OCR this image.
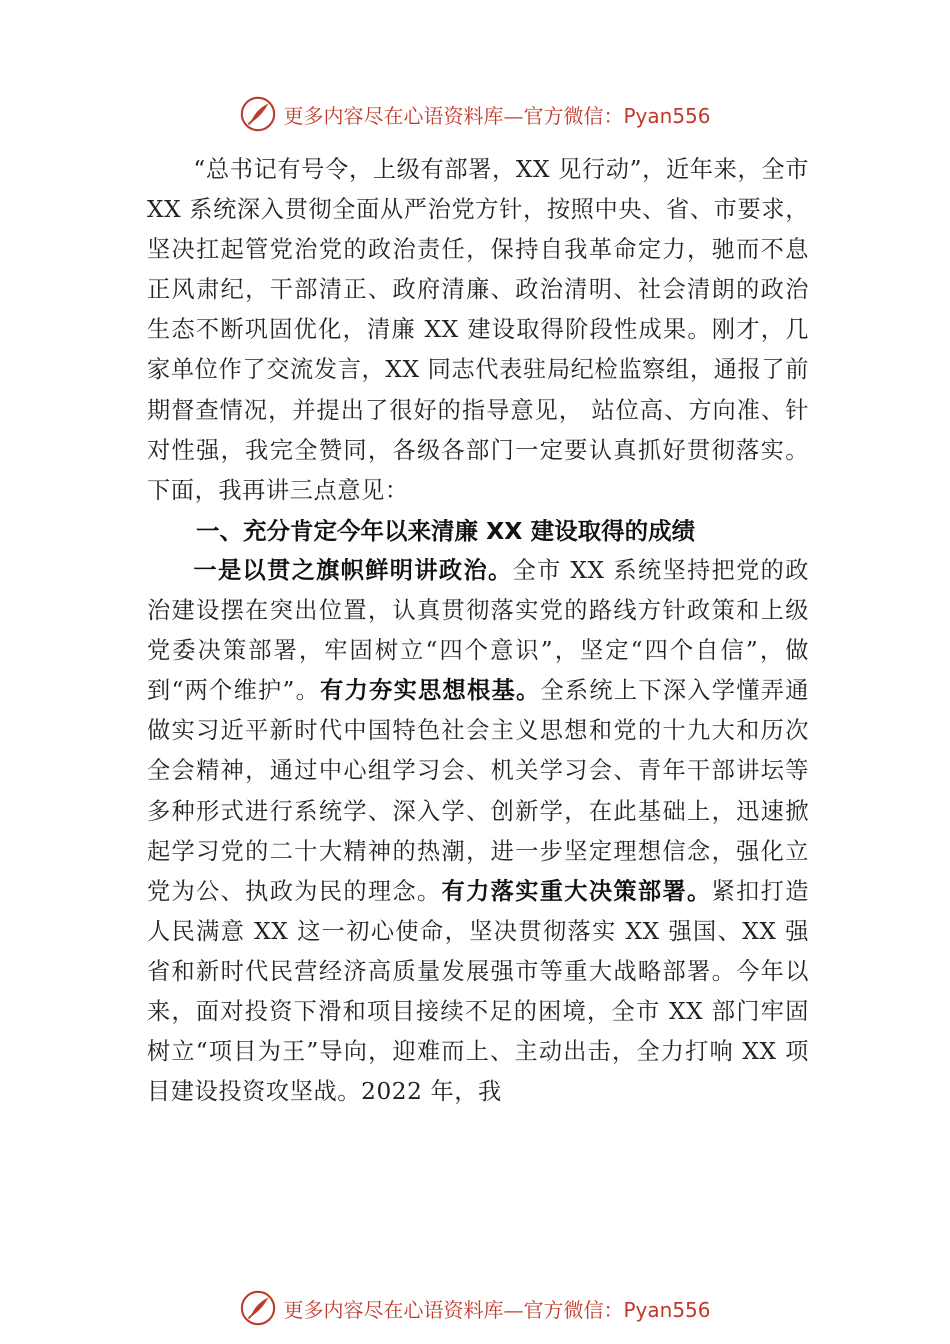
更多内容尽在心语资料库—官方微信：Pyan556

“总书记有号令，上级有部署，XX 见行动”，近年来，全市 XX 系统深入贯彻全面从严治党方针，按照中央、省、市要求，坚决扛起管党治党的政治责任，保持自我革命定力，驰而不息正风肃纪，干部清正、政府清廉、政治清明、社会清朗的政治生态不断巩固优化，清廉 XX 建设取得阶段性成果。刚才，几家单位作了交流发言，XX 同志代表驻局纪检监察组，通报了前期督查情况，并提出了很好的指导意见， 站位高、方向准、针对性强，我完全赞同，各级各部门一定要认真抓好贯彻落实。下面，我再讲三点意见：

一、充分肯定今年以来清廉 XX 建设取得的成绩

一是以贯之旗帜鲜明讲政治。全市 XX 系统坚持把党的政治建设摆在突出位置，认真贯彻落实党的路线方针政策和上级党委决策部署，牢固树立“四个意识”，坚定“四个自信”，做到“两个维护”。有力夯实思想根基。全系统上下深入学懂弄通做实习近平新时代中国特色社会主义思想和党的十九大和历次全会精神，通过中心组学习会、机关学习会、青年干部讲坛等多种形式进行系统学、深入学、创新学，在此基础上，迅速掀起学习党的二十大精神的热潮，进一步坚定理想信念，强化立党为公、执政为民的理念。有力落实重大决策部署。紧扣打造人民满意 XX 这一初心使命，坚决贯彻落实 XX 强国、XX 强省和新时代民营经济高质量发展强市等重大战略部署。今年以来，面对投资下滑和项目接续不足的困境，全市 XX 部门牢固树立“项目为王”导向，迎难而上、主动出击，全力打响 XX 项目建设投资攻坚战。2022 年，我

更多内容尽在心语资料库—官方微信：Pyan556
